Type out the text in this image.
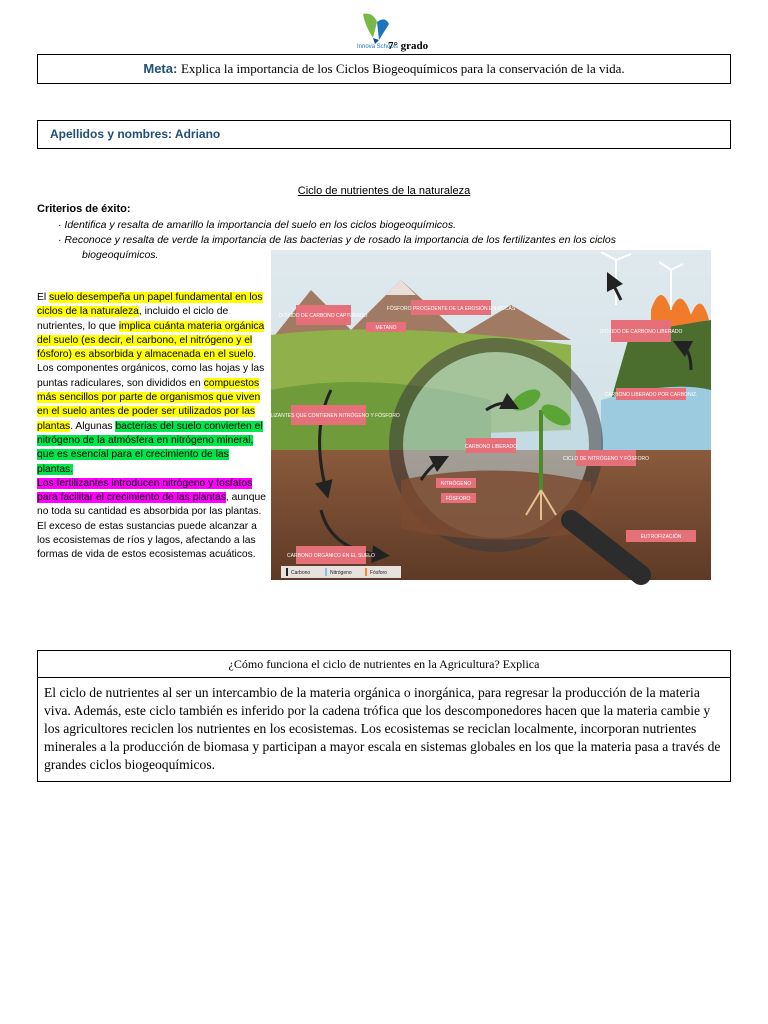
Innova Schools
7° grado
Meta: Explica la importancia de los Ciclos Biogeoquímicos para la conservación de la vida.
Apellidos y nombres: Adriano
Ciclo de nutrientes de la naturaleza
Criterios de éxito:
· Identifica y resalta de amarillo la importancia del suelo en los ciclos biogeoquímicos.
· Reconoce y resalta de verde la importancia de las bacterias y de rosado la importancia de los fertilizantes en los ciclos
biogeoquímicos.
El suelo desempeña un papel fundamental en los ciclos de la naturaleza, incluido el ciclo de nutrientes, lo que implica cuánta materia orgánica del suelo (es decir, el carbono, el nitrógeno y el fósforo) es absorbida y almacenada en el suelo. Los componentes orgánicos, como las hojas y las puntas radiculares, son divididos en compuestos más sencillos por parte de organismos que viven en el suelo antes de poder ser utilizados por las plantas. Algunas bacterias del suelo convierten el nitrógeno de la atmósfera en nitrógeno mineral, que es esencial para el crecimiento de las plantas.
Los fertilizantes introducen nitrógeno y fosfatos para facilitar el crecimiento de las plantas, aunque no toda su cantidad es absorbida por las plantas. El exceso de estas sustancias puede alcanzar a los ecosistemas de ríos y lagos, afectando a las formas de vida de estos ecosistemas acuáticos.
DIÓXIDO DE CARBONO CAPTURADO
FÓSFORO PROCEDENTE DE LA EROSIÓN EN ROCAS
METANO
DIÓXIDO DE CARBONO LIBERADO
CARBONO LIBERADO POR CARBONIZ.
FERTILIZANTES QUE CONTIENEN NITRÓGENO Y FÓSFORO
CARBONO LIBERADO
CICLO DE NITRÓGENO Y FÓSFORO
NITRÓGENO
FÓSFORO
CARBONO ORGÁNICO EN EL SUELO
EUTROFIZACIÓN
Carbono	Nitrógeno	Fósforo
¿Cómo funciona el ciclo de nutrientes en la Agricultura? Explica
El ciclo de nutrientes al ser un intercambio de la materia orgánica o inorgánica, para regresar la producción de la materia viva. Además, este ciclo también es inferido por la cadena trófica que los descomponedores hacen que la materia cambie y los agricultores reciclen los nutrientes en los ecosistemas. Los ecosistemas se reciclan localmente, incorporan nutrientes minerales a la producción de biomasa y participan a mayor escala en sistemas globales en los que la materia pasa a través de grandes ciclos biogeoquímicos.
